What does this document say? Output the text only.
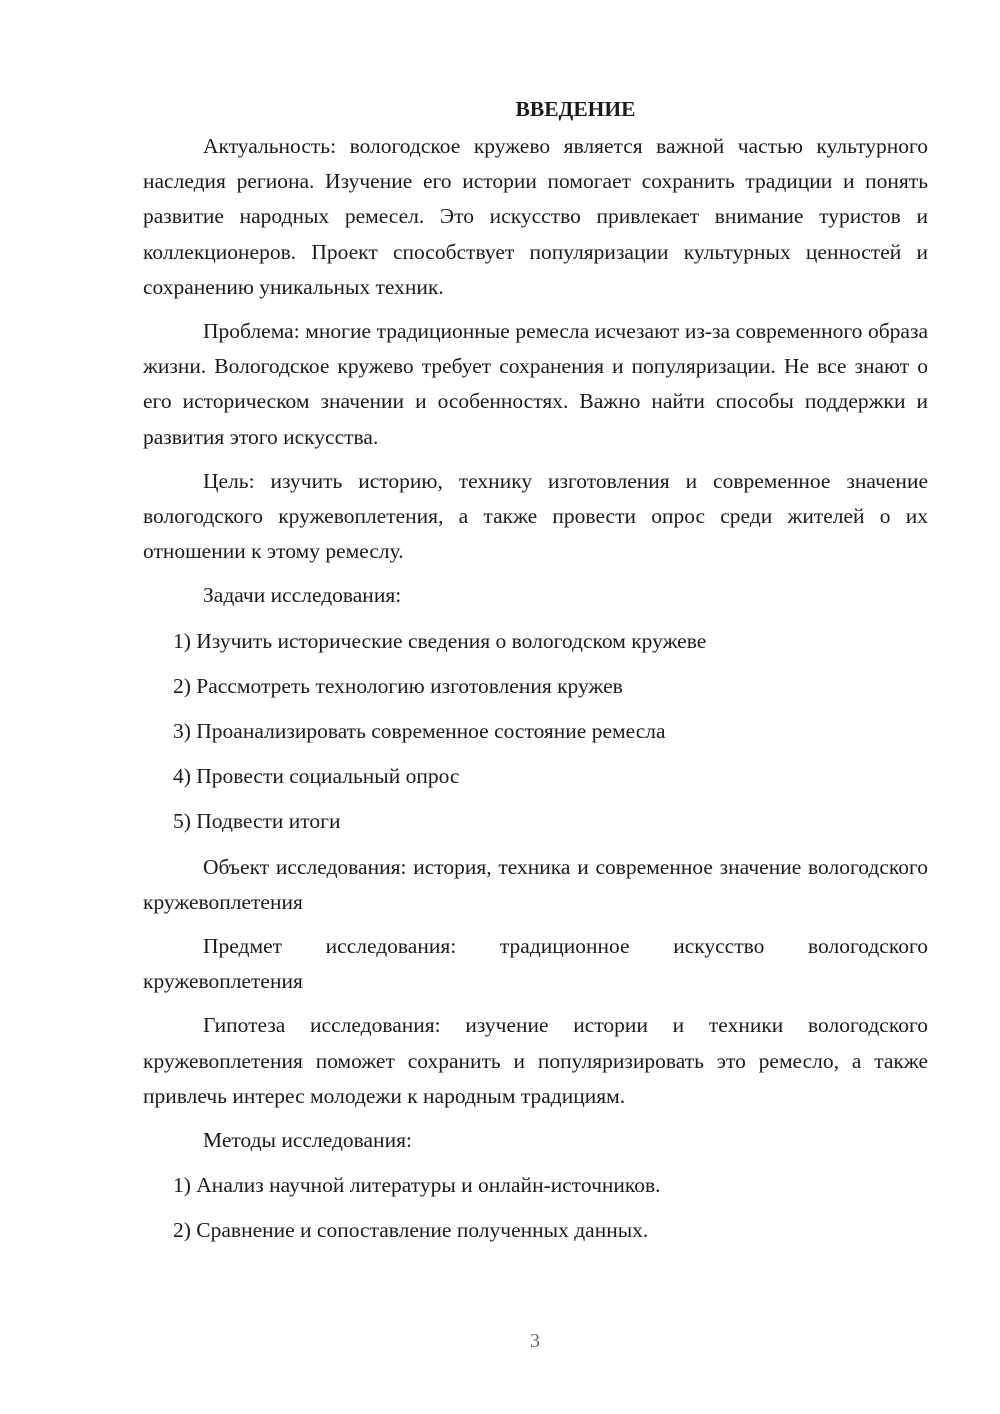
ВВЕДЕНИЕ

Актуальность: вологодское кружево является важной частью культурного наследия региона. Изучение его истории помогает сохранить традиции и понять развитие народных ремесел. Это искусство привлекает внимание туристов и коллекционеров. Проект способствует популяризации культурных ценностей и сохранению уникальных техник.

Проблема: многие традиционные ремесла исчезают из-за современного образа жизни. Вологодское кружево требует сохранения и популяризации. Не все знают о его историческом значении и особенностях. Важно найти способы поддержки и развития этого искусства.

Цель: изучить историю, технику изготовления и современное значение вологодского кружевоплетения, а также провести опрос среди жителей о их отношении к этому ремеслу.

Задачи исследования:

1) Изучить исторические сведения о вологодском кружеве

2) Рассмотреть технологию изготовления кружев

3) Проанализировать современное состояние ремесла

4) Провести социальный опрос

5) Подвести итоги

Объект исследования: история, техника и современное значение вологодского кружевоплетения

Предмет исследования: традиционное искусство вологодского кружевоплетения

Гипотеза исследования: изучение истории и техники вологодского кружевоплетения поможет сохранить и популяризировать это ремесло, а также привлечь интерес молодежи к народным традициям.

Методы исследования:

1) Анализ научной литературы и онлайн-источников.

2) Сравнение и сопоставление полученных данных.

3
